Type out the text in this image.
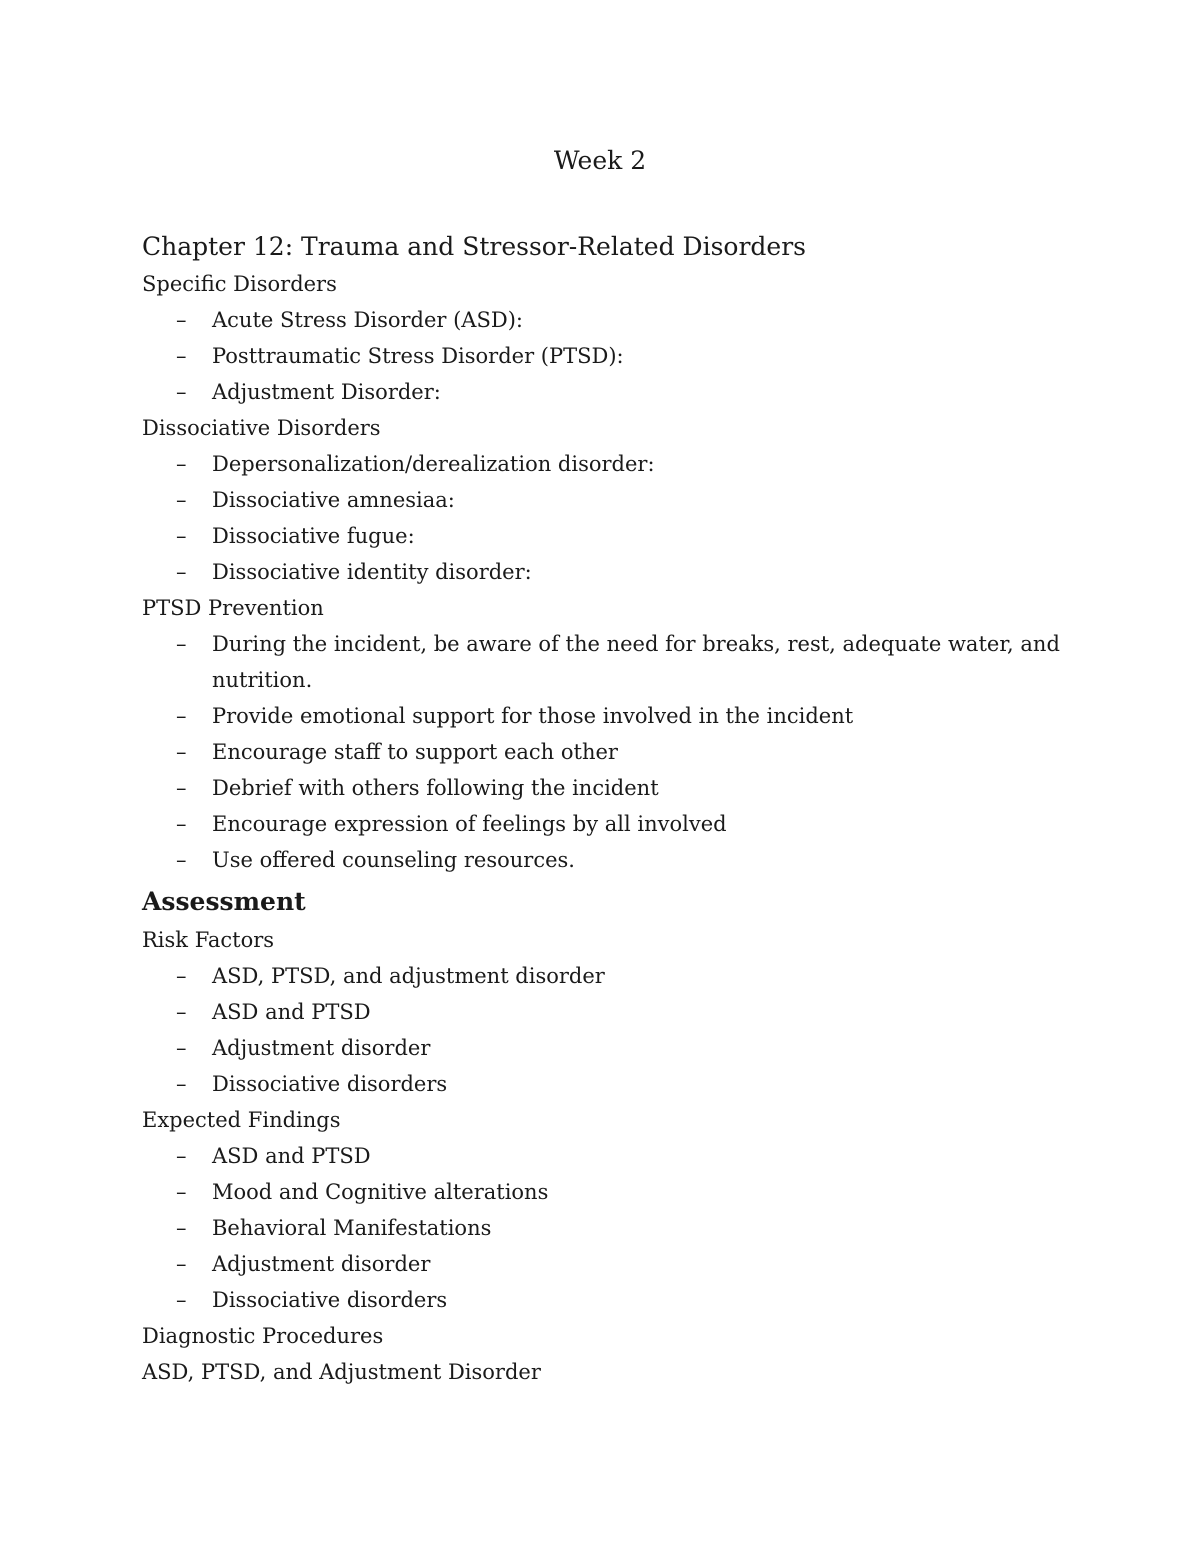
Week 2
Chapter 12: Trauma and Stressor-Related Disorders
Specific Disorders
– Acute Stress Disorder (ASD):
– Posttraumatic Stress Disorder (PTSD):
– Adjustment Disorder:
Dissociative Disorders
– Depersonalization/derealization disorder:
– Dissociative amnesiaa:
– Dissociative fugue:
– Dissociative identity disorder:
PTSD Prevention
– During the incident, be aware of the need for breaks, rest, adequate water, and nutrition.
– Provide emotional support for those involved in the incident
– Encourage staff to support each other
– Debrief with others following the incident
– Encourage expression of feelings by all involved
– Use offered counseling resources.
Assessment
Risk Factors
– ASD, PTSD, and adjustment disorder
– ASD and PTSD
– Adjustment disorder
– Dissociative disorders
Expected Findings
– ASD and PTSD
– Mood and Cognitive alterations
– Behavioral Manifestations
– Adjustment disorder
– Dissociative disorders
Diagnostic Procedures
ASD, PTSD, and Adjustment Disorder
